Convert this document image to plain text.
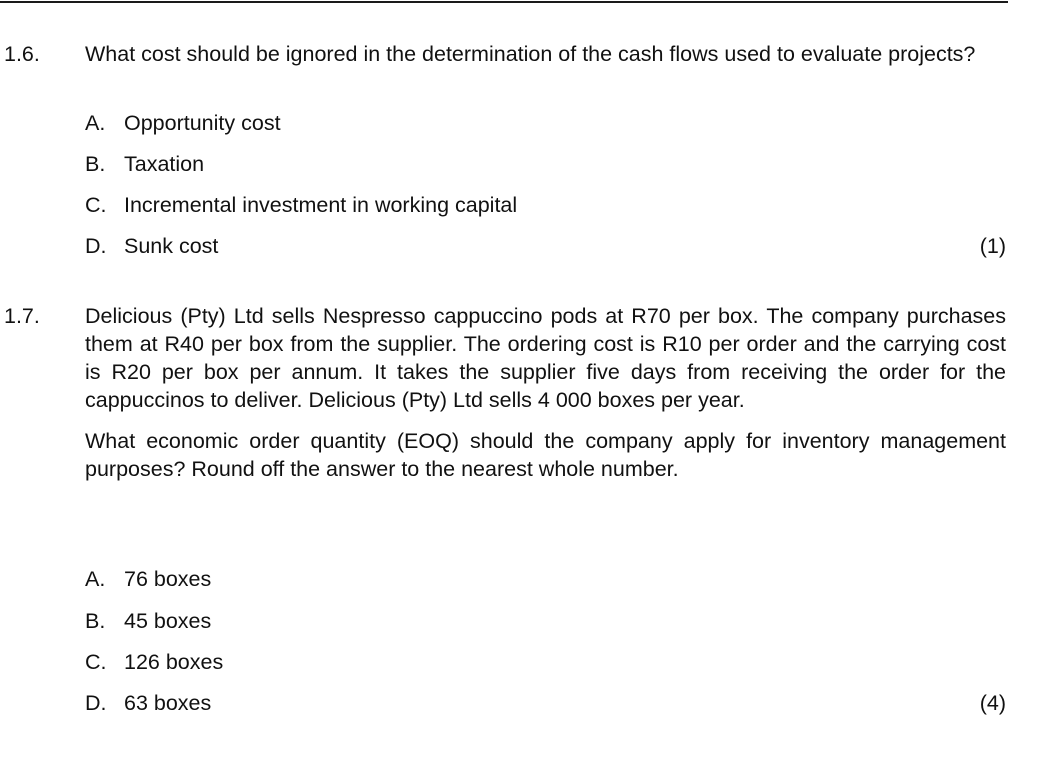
1.6. What cost should be ignored in the determination of the cash flows used to evaluate projects?

A. Opportunity cost
B. Taxation
C. Incremental investment in working capital
D. Sunk cost	(1)
1.7. Delicious (Pty) Ltd sells Nespresso cappuccino pods at R70 per box. The company purchases them at R40 per box from the supplier. The ordering cost is R10 per order and the carrying cost is R20 per box per annum. It takes the supplier five days from receiving the order for the cappuccinos to deliver. Delicious (Pty) Ltd sells 4 000 boxes per year.

What economic order quantity (EOQ) should the company apply for inventory management purposes? Round off the answer to the nearest whole number.

A. 76 boxes
B. 45 boxes
C. 126 boxes
D. 63 boxes	(4)
